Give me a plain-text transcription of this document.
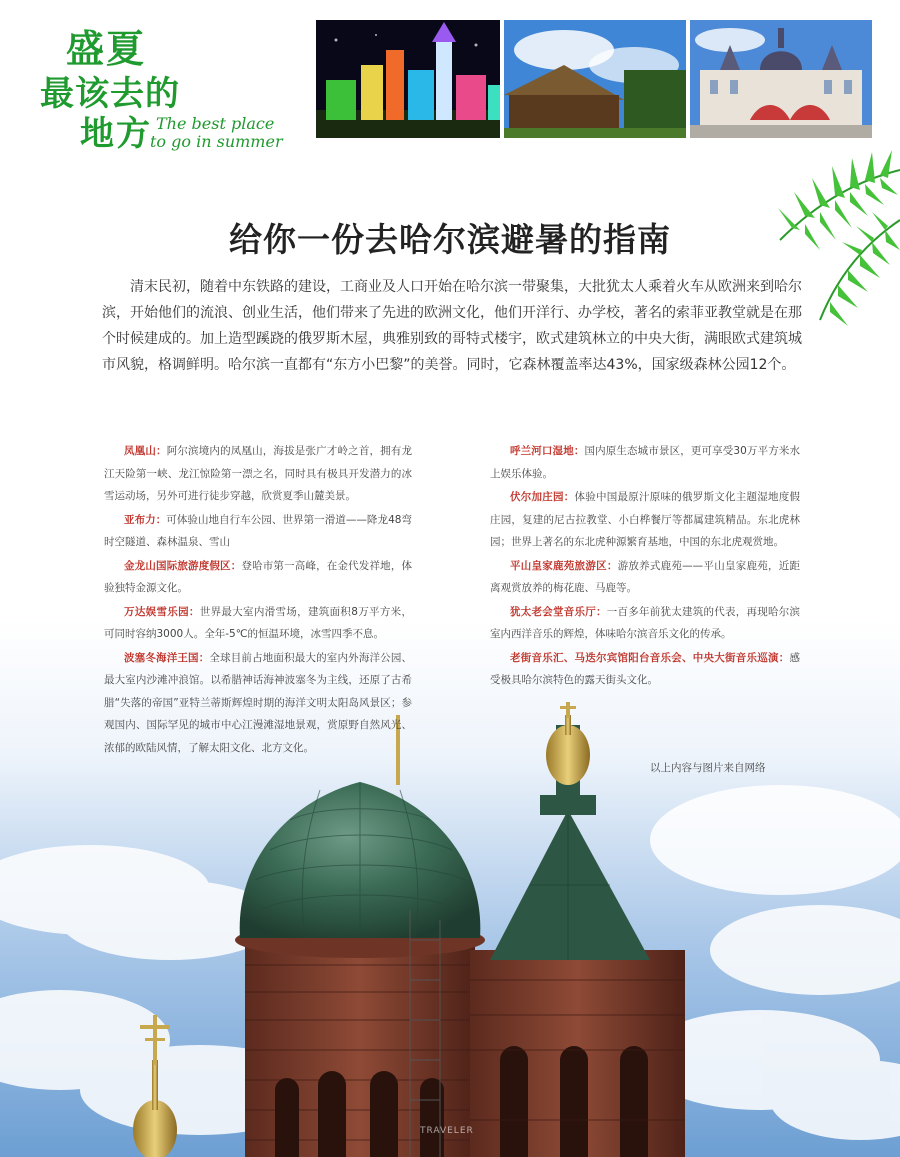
盛夏
最该去的
地方 The best place
to go in summer
给你一份去哈尔滨避暑的指南
清末民初，随着中东铁路的建设，工商业及人口开始在哈尔滨一带聚集，大批犹太人乘着火车从欧洲来到哈尔滨，开始他们的流浪、创业生活，他们带来了先进的欧洲文化，他们开洋行、办学校，著名的索菲亚教堂就是在那个时候建成的。加上造型蹊跷的俄罗斯木屋，典雅别致的哥特式楼宇，欧式建筑林立的中央大街，满眼欧式建筑城市风貌，格调鲜明。哈尔滨一直都有“东方小巴黎”的美誉。同时，它森林覆盖率达43%，国家级森林公园12个。

凤凰山：阿尔滨境内的凤凰山，海拔是张广才岭之首，拥有龙江天险第一峡、龙江惊险第一漂之名，同时具有极具开发潜力的冰雪运动场，另外可进行徒步穿越，欣赏夏季山麓美景。

亚布力：可体验山地自行车公园、世界第一滑道——降龙48弯时空隧道、森林温泉、雪山

金龙山国际旅游度假区：登哈市第一高峰，在金代发祥地，体验独特金源文化。

万达娱雪乐园：世界最大室内滑雪场，建筑面积8万平方米，可同时容纳3000人。全年-5℃的恒温环境，冰雪四季不息。

波塞冬海洋王国：全球目前占地面积最大的室内外海洋公园、最大室内沙滩冲浪馆。以希腊神话海神波塞冬为主线，还原了古希腊“失落的帝国”亚特兰蒂斯辉煌时期的海洋文明太阳岛风景区；参观国内、国际罕见的城市中心江漫滩湿地景观，赏原野自然风光、浓郁的欧陆风情，了解太阳文化、北方文化。

呼兰河口湿地：国内原生态城市景区，更可享受30万平方米水上娱乐体验。

伏尔加庄园：体验中国最原汁原味的俄罗斯文化主题湿地度假庄园，复建的尼古拉教堂、小白桦餐厅等都属建筑精品。东北虎林园；世界上著名的东北虎种源繁育基地，中国的东北虎观赏地。

平山皇家鹿苑旅游区：游放养式鹿苑——平山皇家鹿苑，近距离观赏放养的梅花鹿、马鹿等。

犹太老会堂音乐厅：一百多年前犹太建筑的代表，再现哈尔滨室内西洋音乐的辉煌，体味哈尔滨音乐文化的传承。

老街音乐汇、马迭尔宾馆阳台音乐会、中央大街音乐巡演：感受极具哈尔滨特色的露天街头文化。

以上内容与图片来自网络
TRAVELER
